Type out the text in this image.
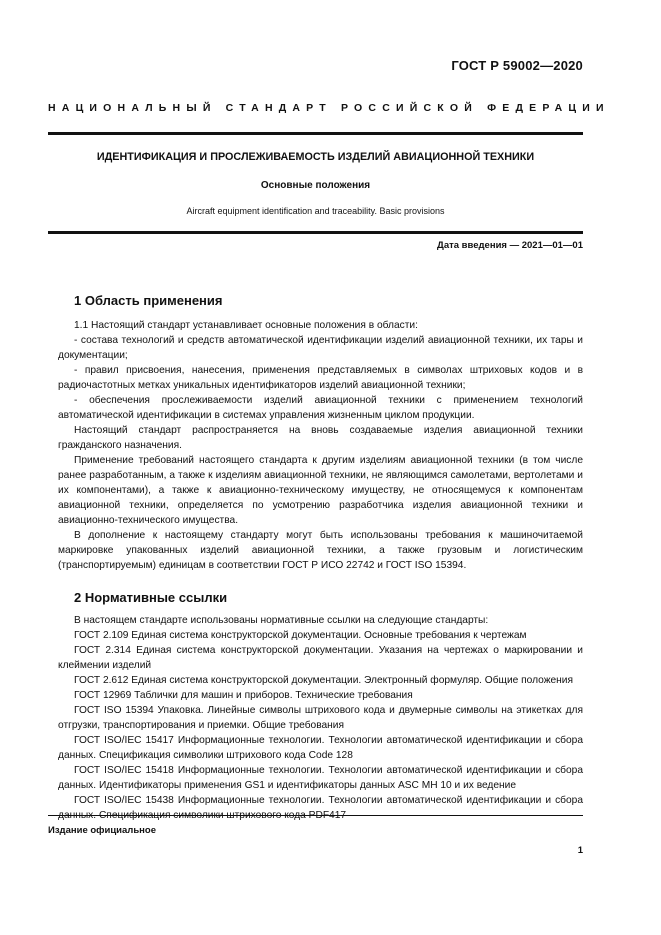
ГОСТ Р 59002—2020
НАЦИОНАЛЬНЫЙ СТАНДАРТ РОССИЙСКОЙ ФЕДЕРАЦИИ
ИДЕНТИФИКАЦИЯ И ПРОСЛЕЖИВАЕМОСТЬ ИЗДЕЛИЙ АВИАЦИОННОЙ ТЕХНИКИ
Основные положения
Aircraft equipment identification and traceability. Basic provisions
Дата введения — 2021—01—01
1 Область применения

1.1 Настоящий стандарт устанавливает основные положения в области:

- состава технологий и средств автоматической идентификации изделий авиационной техники, их тары и документации;

- правил присвоения, нанесения, применения представляемых в символах штриховых кодов и в радиочастотных метках уникальных идентификаторов изделий авиационной техники;

- обеспечения прослеживаемости изделий авиационной техники с применением технологий автоматической идентификации в системах управления жизненным циклом продукции.

Настоящий стандарт распространяется на вновь создаваемые изделия авиационной техники гражданского назначения.

Применение требований настоящего стандарта к другим изделиям авиационной техники (в том числе ранее разработанным, а также к изделиям авиационной техники, не являющимся самолетами, вертолетами и их компонентами), а также к авиационно-техническому имуществу, не относящемуся к компонентам авиационной техники, определяется по усмотрению разработчика изделия авиационной техники и авиационно-технического имущества.

В дополнение к настоящему стандарту могут быть использованы требования к машиночитаемой маркировке упакованных изделий авиационной техники, а также грузовым и логистическим (транспортируемым) единицам в соответствии ГОСТ Р ИСО 22742 и ГОСТ ISO 15394.

2 Нормативные ссылки

В настоящем стандарте использованы нормативные ссылки на следующие стандарты:

ГОСТ 2.109 Единая система конструкторской документации. Основные требования к чертежам

ГОСТ 2.314 Единая система конструкторской документации. Указания на чертежах о маркировании и клеймении изделий

ГОСТ 2.612 Единая система конструкторской документации. Электронный формуляр. Общие положения

ГОСТ 12969 Таблички для машин и приборов. Технические требования

ГОСТ ISO 15394 Упаковка. Линейные символы штрихового кода и двумерные символы на этикетках для отгрузки, транспортирования и приемки. Общие требования

ГОСТ ISO/IEC 15417 Информационные технологии. Технологии автоматической идентификации и сбора данных. Спецификация символики штрихового кода Code 128

ГОСТ ISO/IEC 15418 Информационные технологии. Технологии автоматической идентификации и сбора данных. Идентификаторы применения GS1 и идентификаторы данных ASC MH 10 и их ведение

ГОСТ ISO/IEC 15438 Информационные технологии. Технологии автоматической идентификации и сбора

Издание официальное
1
